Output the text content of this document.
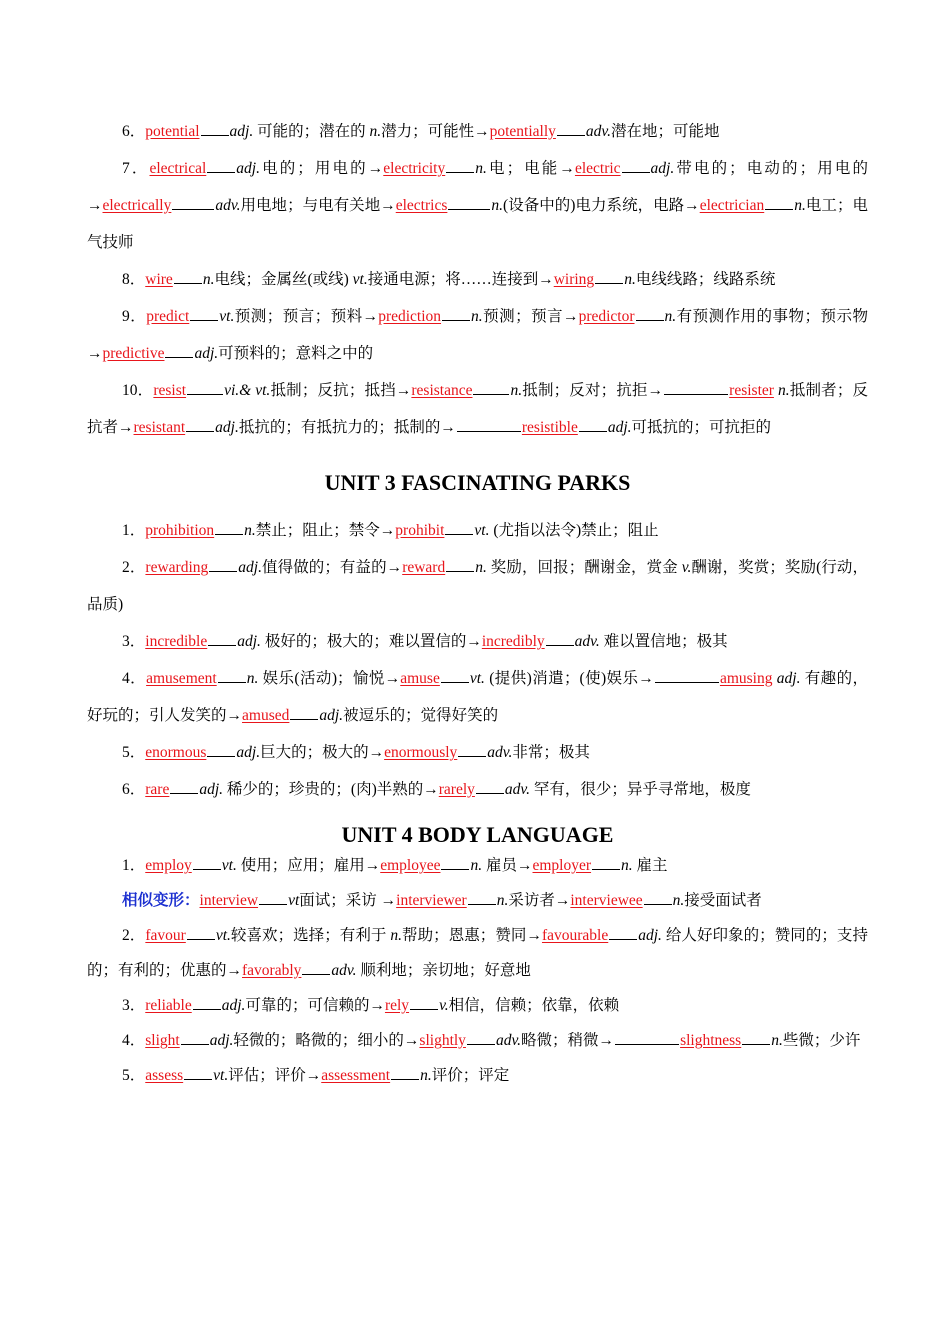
6．potential adj. 可能的；潜在的 n.潜力；可能性→potentially adv.潜在地；可能地

7．electrical adj.电的；用电的→electricity n.电；电能→electric adj.带电的；电动的；用电的→electrically	adv.用电地；与电有关地→electrics	n.(设备中的)电力系统，电路→electrician n.电工；电气技师

8．wire n.电线；金属丝(或线) vt.接通电源；将……连接到→wiring n.电线线路；线路系统

9．predict vt.预测；预言；预料→prediction n.预测；预言→predictor n.有预测作用的事物；预示物→predictive adj.可预料的；意料之中的

10．resist vi.& vt.抵制；反抗；抵挡→resistance n.抵制；反对；抗拒→	resister n.抵制者；反抗者→resistant adj.抵抗的；有抵抗力的；抵制的→	resistible adj.可抵抗的；可抗拒的

UNIT 3 FASCINATING PARKS

1．prohibition n.禁止；阻止；禁令→prohibit vt. (尤指以法令)禁止；阻止

2．rewarding adj.值得做的；有益的→reward n. 奖励，回报；酬谢金，赏金 v.酬谢，奖赏；奖励(行动，品质)

3．incredible adj. 极好的；极大的；难以置信的→incredibly adv. 难以置信地；极其

4．amusement n. 娱乐(活动)；愉悦→amuse vt. (提供)消遣；(使)娱乐→	amusing adj. 有趣的，好玩的；引人发笑的→amused adj.被逗乐的；觉得好笑的

5．enormous adj.巨大的；极大的→enormously adv.非常；极其

6．rare adj. 稀少的；珍贵的；(肉)半熟的→rarely adv. 罕有，很少；异乎寻常地，极度

UNIT 4 BODY LANGUAGE

1．employ vt. 使用；应用；雇用→employee n. 雇员→employer n. 雇主

相似变形：interview vt面试；采访 →interviewer n.采访者→interviewee n.接受面试者

2．favour vt.较喜欢；选择；有利于 n.帮助；恩惠；赞同→favourable adj. 给人好印象的；赞同的；支持的；有利的；优惠的→favorably adv. 顺利地；亲切地；好意地

3．reliable adj.可靠的；可信赖的→rely v.相信，信赖；依靠，依赖

4．slight adj.轻微的；略微的；细小的→slightly adv.略微；稍微→	slightness n.些微；少许

5．assess vt.评估；评价→assessment n.评价；评定
